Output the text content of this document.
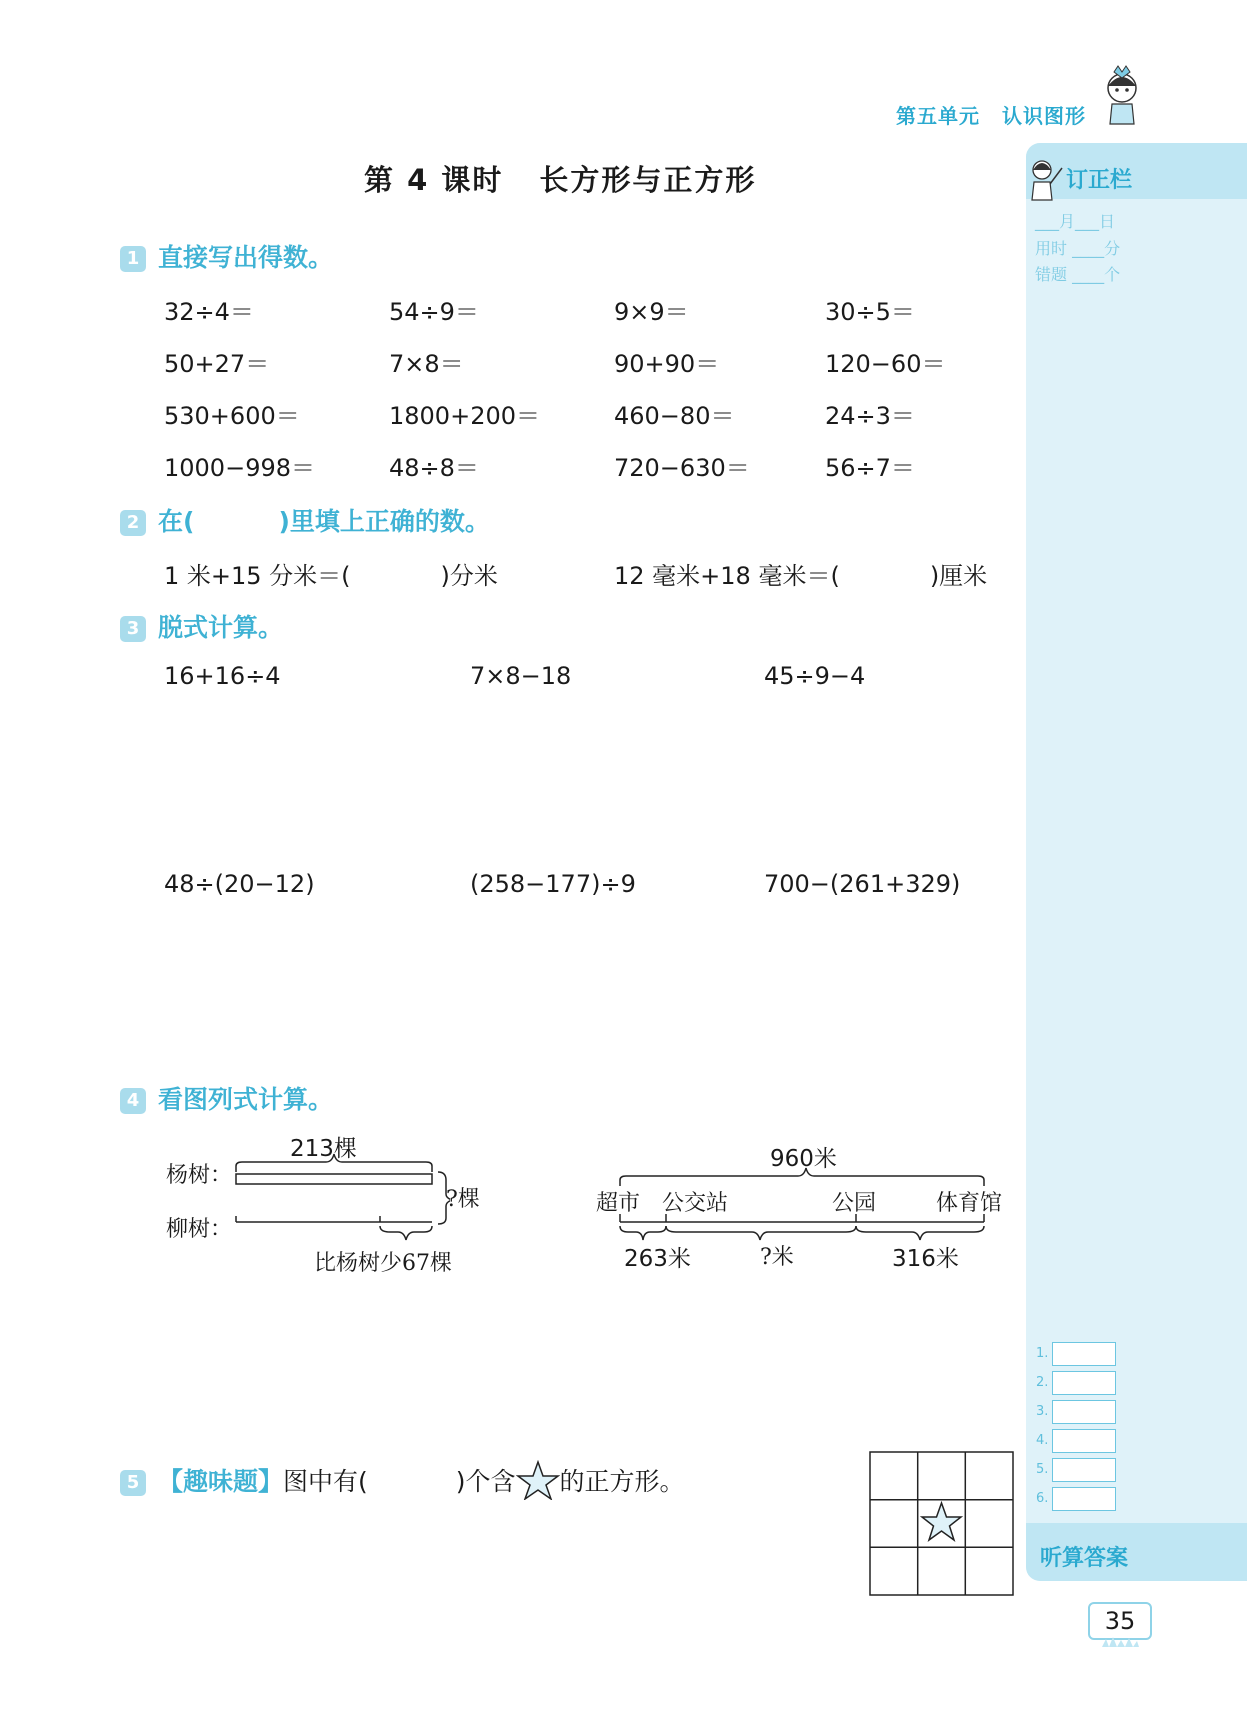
第五单元 认识图形
第 4 课时 长方形与正方形	订正栏
___月___日
用时 ____分
错题 ____个
1.
2.
3.
4.
5.
6.
听算答案
35
1 直接写出得数。
32÷4＝	54÷9＝	9×9＝	30÷5＝
50+27＝	7×8＝	90+90＝	120−60＝
530+600＝	1800+200＝	460−80＝	24÷3＝
1000−998＝	48÷8＝	720−630＝	56÷7＝
2 在(	)里填上正确的数。
1 米+15 分米＝(	)分米	12 毫米+18 毫米＝(	)厘米
3 脱式计算。
16+16÷4	7×8−18	45÷9−4
48÷(20−12)	(258−177)÷9	700−(261+329)
4 看图列式计算。
213棵
杨树：
柳树：
?棵
比杨树少67棵
960米
超市 公交站	公园	体育馆
263米	?米	316米
5 【趣味题】图中有(	)个含 的正方形。
